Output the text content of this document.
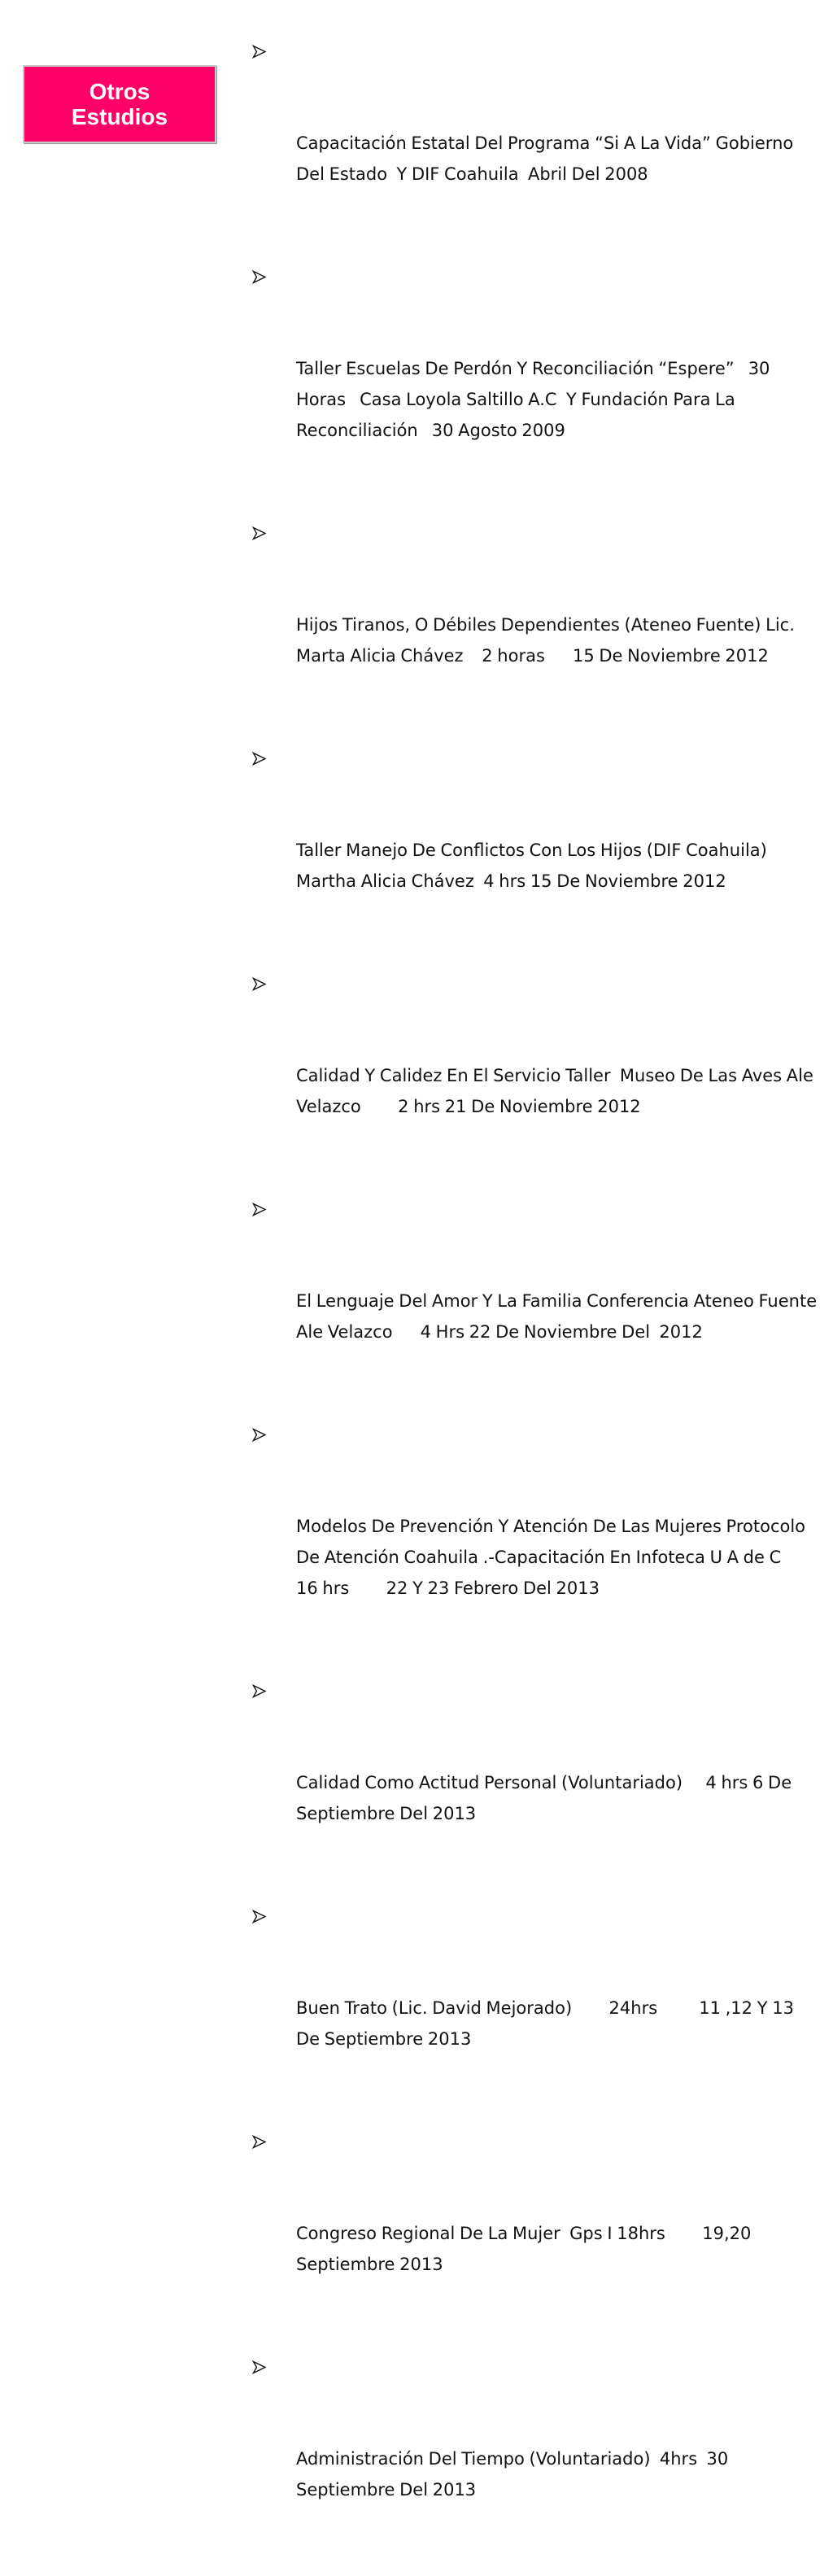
Otros
Estudios

Capacitación Estatal Del Programa “Si A La Vida” Gobierno Del Estado  Y DIF Coahuila  Abril Del 2008

Taller Escuelas De Perdón Y Reconciliación “Espere”   30 Horas   Casa Loyola Saltillo A.C  Y Fundación Para La Reconciliación   30 Agosto 2009

Hijos Tiranos, O Débiles Dependientes (Ateneo Fuente) Lic. Marta Alicia Chávez    2 horas      15 De Noviembre 2012

Taller Manejo De Conflictos Con Los Hijos (DIF Coahuila) Martha Alicia Chávez  4 hrs 15 De Noviembre 2012

Calidad Y Calidez En El Servicio Taller  Museo De Las Aves Ale Velazco        2 hrs 21 De Noviembre 2012

El Lenguaje Del Amor Y La Familia Conferencia Ateneo Fuente Ale Velazco      4 Hrs 22 De Noviembre Del  2012

Modelos De Prevención Y Atención De Las Mujeres Protocolo De Atención Coahuila .-Capacitación En Infoteca U A de C    16 hrs        22 Y 23 Febrero Del 2013

Calidad Como Actitud Personal (Voluntariado)     4 hrs 6 De Septiembre Del 2013

Buen Trato (Lic. David Mejorado)        24hrs         11 ,12 Y 13 De Septiembre 2013

Congreso Regional De La Mujer  Gps I 18hrs        19,20 Septiembre 2013

Administración Del Tiempo (Voluntariado)  4hrs  30 Septiembre Del 2013
